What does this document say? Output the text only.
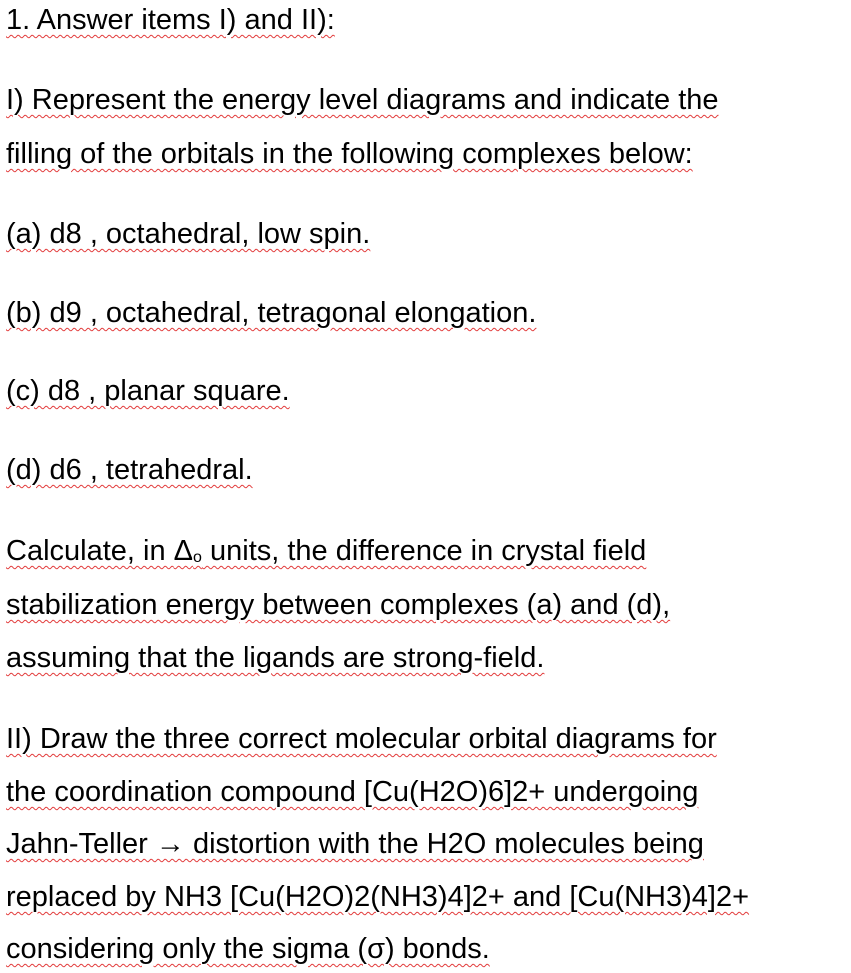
1. Answer items I) and II):
I) Represent the energy level diagrams and indicate the
filling of the orbitals in the following complexes below:
(a) d8 , octahedral, low spin.
(b) d9 , octahedral, tetragonal elongation.
(c) d8 , planar square.
(d) d6 , tetrahedral.
Calculate, in Δo units, the difference in crystal field
stabilization energy between complexes (a) and (d),
assuming that the ligands are strong-field.
II) Draw the three correct molecular orbital diagrams for
the coordination compound [Cu(H2O)6]2+ undergoing
Jahn-Teller → distortion with the H2O molecules being
replaced by NH3 [Cu(H2O)2(NH3)4]2+ and [Cu(NH3)4]2+
considering only the sigma (σ) bonds.
